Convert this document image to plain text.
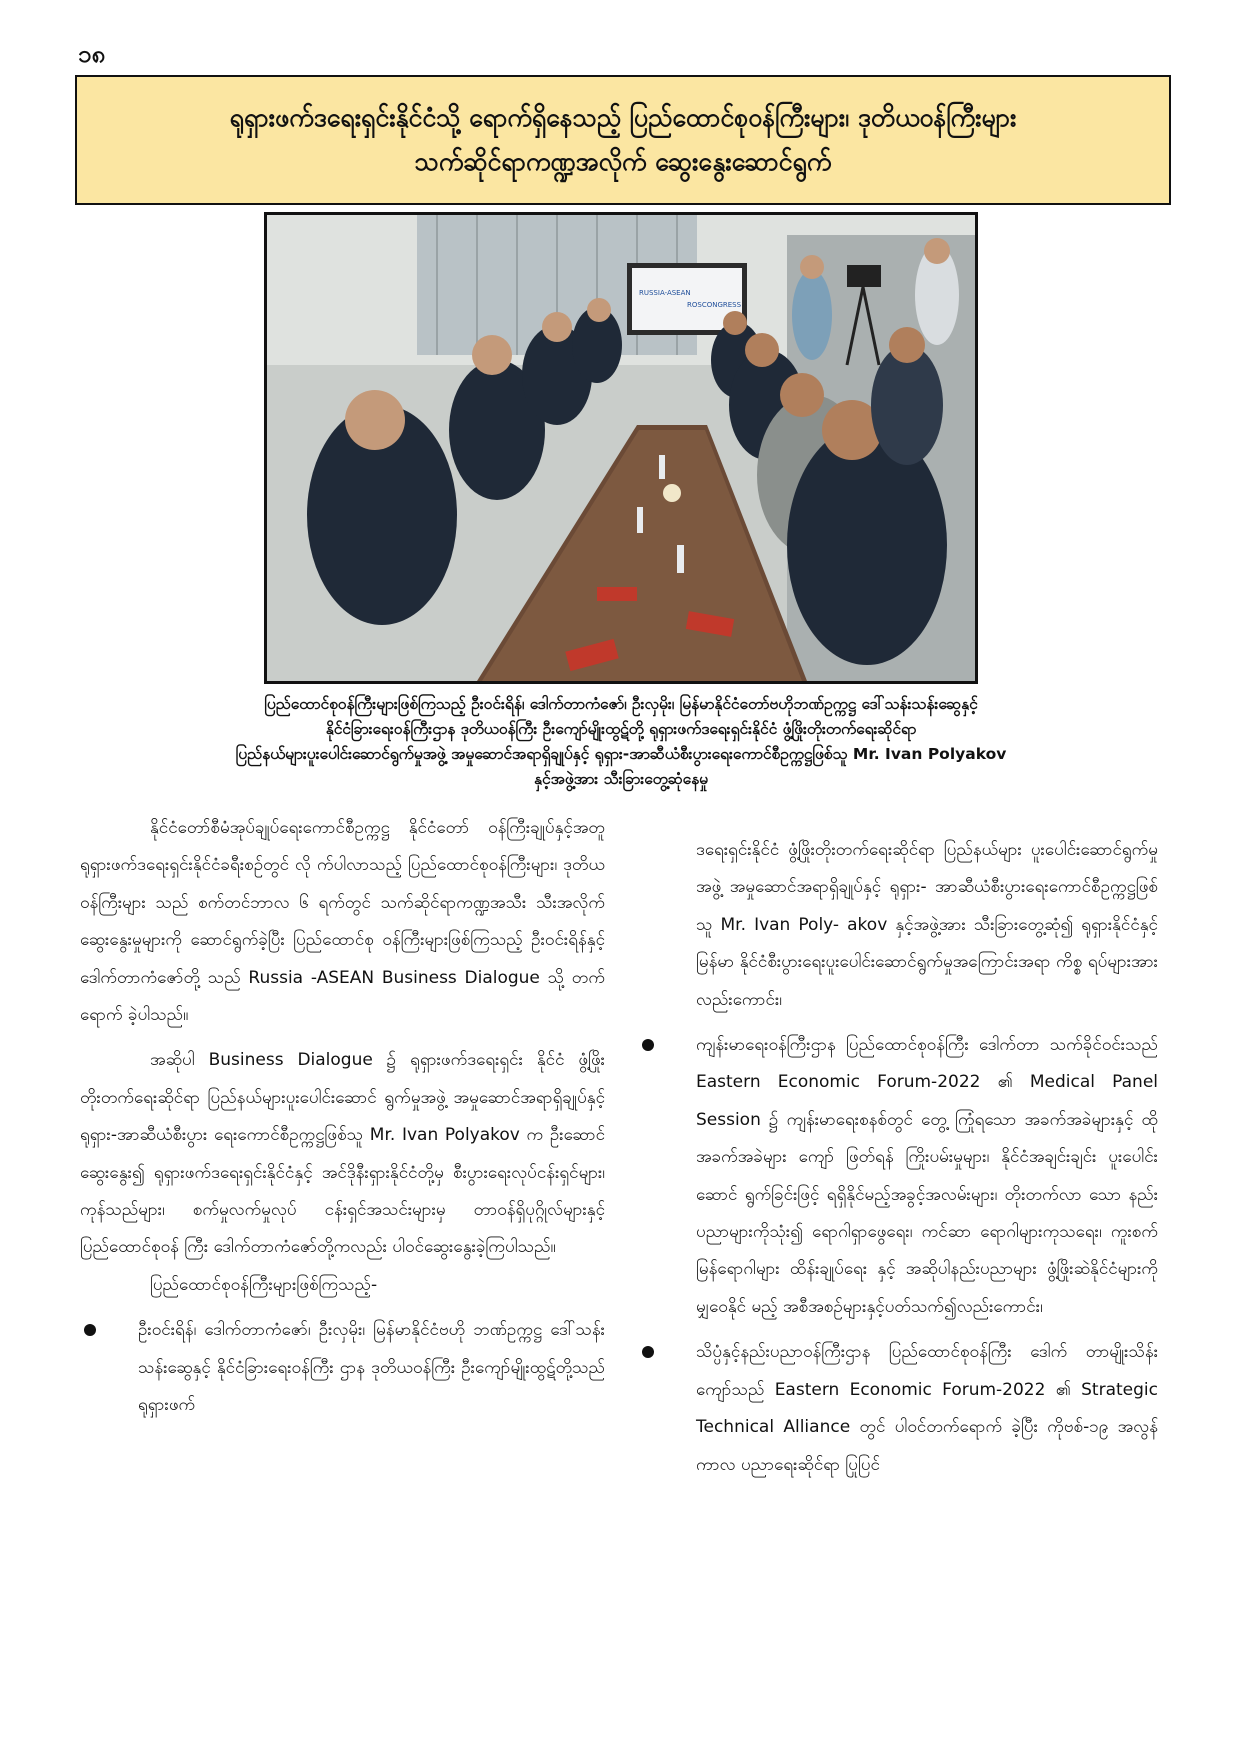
၁၈
ရုရှားဖက်ဒရေးရှင်းနိုင်ငံသို့ ရောက်ရှိနေသည့် ပြည်ထောင်စုဝန်ကြီးများ၊ ဒုတိယဝန်ကြီးများ
သက်ဆိုင်ရာကဏ္ဍအလိုက် ဆွေးနွေးဆောင်ရွက်
RUSSIA-ASEAN
ROSCONGRESS
ပြည်ထောင်စုဝန်ကြီးများဖြစ်ကြသည့် ဦးဝင်းရိန်၊ ဒေါက်တာကံဇော်၊ ဦးလှမိုး၊ မြန်မာနိုင်ငံတော်ဗဟိုဘဏ်ဥက္ကဋ္ဌ ဒေါ်သန်းသန်းဆွေနှင့်
နိုင်ငံခြားရေးဝန်ကြီးဌာန ဒုတိယဝန်ကြီး ဦးကျော်မျိုးထွဋ်တို့ ရုရှားဖက်ဒရေးရှင်းနိုင်ငံ ဖွံ့ဖြိုးတိုးတက်ရေးဆိုင်ရာ
ပြည်နယ်များပူးပေါင်းဆောင်ရွက်မှုအဖွဲ့ အမှုဆောင်အရာရှိချုပ်နှင့် ရုရှား-အာဆီယံစီးပွားရေးကောင်စီဥက္ကဋ္ဌဖြစ်သူ Mr. Ivan Polyakov
နှင့်အဖွဲ့အား သီးခြားတွေ့ဆုံနေမှု

နိုင်ငံတော်စီမံအုပ်ချုပ်ရေးကောင်စီဥက္ကဋ္ဌ နိုင်ငံတော် ဝန်ကြီးချုပ်နှင့်အတူ ရုရှားဖက်ဒရေးရှင်းနိုင်ငံခရီးစဉ်တွင် လို က်ပါလာသည့် ပြည်ထောင်စုဝန်ကြီးများ၊ ဒုတိယဝန်ကြီးများ သည် စက်တင်ဘာလ ၆ ရက်တွင် သက်ဆိုင်ရာကဏ္ဍအသီး သီးအလိုက် ဆွေးနွေးမှုများကို ဆောင်ရွက်ခဲ့ပြီး ပြည်ထောင်စု ဝန်ကြီးများဖြစ်ကြသည့် ဦးဝင်းရိန်နှင့် ဒေါက်တာကံဇော်တို့ သည် Russia -ASEAN Business Dialogue သို့ တက်ရောက် ခဲ့ပါသည်။

အဆိုပါ Business Dialogue ၌ ရုရှားဖက်ဒရေးရှင်း နိုင်ငံ ဖွံ့ဖြိုးတိုးတက်ရေးဆိုင်ရာ ပြည်နယ်များပူးပေါင်းဆောင် ရွက်မှုအဖွဲ့ အမှုဆောင်အရာရှိချုပ်နှင့် ရုရှား-အာဆီယံစီးပွား ရေးကောင်စီဥက္ကဋ္ဌဖြစ်သူ Mr. Ivan Polyakov က ဦးဆောင် ဆွေးနွေး၍ ရုရှားဖက်ဒရေးရှင်းနိုင်ငံနှင့် အင်ဒိုနီးရှားနိုင်ငံတို့မှ စီးပွားရေးလုပ်ငန်းရှင်များ၊ ကုန်သည်များ၊ စက်မှုလက်မှုလုပ် ငန်းရှင်အသင်းများမှ တာဝန်ရှိပုဂ္ဂိုလ်များနှင့် ပြည်ထောင်စုဝန် ကြီး ဒေါက်တာကံဇော်တို့ကလည်း ပါဝင်ဆွေးနွေးခဲ့ကြပါသည်။

ပြည်ထောင်စုဝန်ကြီးများဖြစ်ကြသည့်-

ဦးဝင်းရိန်၊ ဒေါက်တာကံဇော်၊ ဦးလှမိုး၊ မြန်မာနိုင်ငံဗဟို ဘဏ်ဥက္ကဋ္ဌ ဒေါ်သန်းသန်းဆွေနှင့် နိုင်ငံခြားရေးဝန်ကြီး ဌာန ဒုတိယဝန်ကြီး ဦးကျော်မျိုးထွဋ်တို့သည် ရုရှားဖက်

ဒရေးရှင်းနိုင်ငံ ဖွံ့ဖြိုးတိုးတက်ရေးဆိုင်ရာ ပြည်နယ်များ ပူးပေါင်းဆောင်ရွက်မှုအဖွဲ့ အမှုဆောင်အရာရှိချုပ်နှင့် ရုရှား- အာဆီယံစီးပွားရေးကောင်စီဥက္ကဋ္ဌဖြစ်သူ Mr. Ivan Poly- akov နှင့်အဖွဲ့အား သီးခြားတွေ့ဆုံ၍ ရုရှားနိုင်ငံနှင့် မြန်မာ နိုင်ငံစီးပွားရေးပူးပေါင်းဆောင်ရွက်မှုအကြောင်းအရာ ကိစ္စ ရပ်များအား လည်းကောင်း၊

ကျန်းမာရေးဝန်ကြီးဌာန ပြည်ထောင်စုဝန်ကြီး ဒေါက်တာ သက်ခိုင်ဝင်းသည် Eastern Economic Forum-2022 ၏ Medical Panel Session ၌ ကျန်းမာရေးစနစ်တွင် တွေ့ ကြုံရသော အခက်အခဲများနှင့် ထိုအခက်အခဲများ ကျော် ဖြတ်ရန် ကြိုးပမ်းမှုများ၊ နိုင်ငံအချင်းချင်း ပူးပေါင်းဆောင် ရွက်ခြင်းဖြင့် ရရှိနိုင်မည့်အခွင့်အလမ်းများ၊ တိုးတက်လာ သော နည်းပညာများကိုသုံး၍ ရောဂါရှာဖွေရေး၊ ကင်ဆာ ရောဂါများကုသရေး၊ ကူးစက်မြန်ရောဂါများ ထိန်းချုပ်ရေး နှင့် အဆိုပါနည်းပညာများ ဖွံ့ဖြိုးဆဲနိုင်ငံများကို မျှဝေနိုင် မည့် အစီအစဉ်များနှင့်ပတ်သက်၍လည်းကောင်း၊

သိပ္ပံနှင့်နည်းပညာဝန်ကြီးဌာန ပြည်ထောင်စုဝန်ကြီး ဒေါက် တာမျိုးသိန်းကျော်သည် Eastern Economic Forum-2022 ၏ Strategic Technical Alliance တွင် ပါဝင်တက်ရောက် ခဲ့ပြီး ကိုဗစ်-၁၉ အလွန်ကာလ ပညာရေးဆိုင်ရာ ပြုပြင်
